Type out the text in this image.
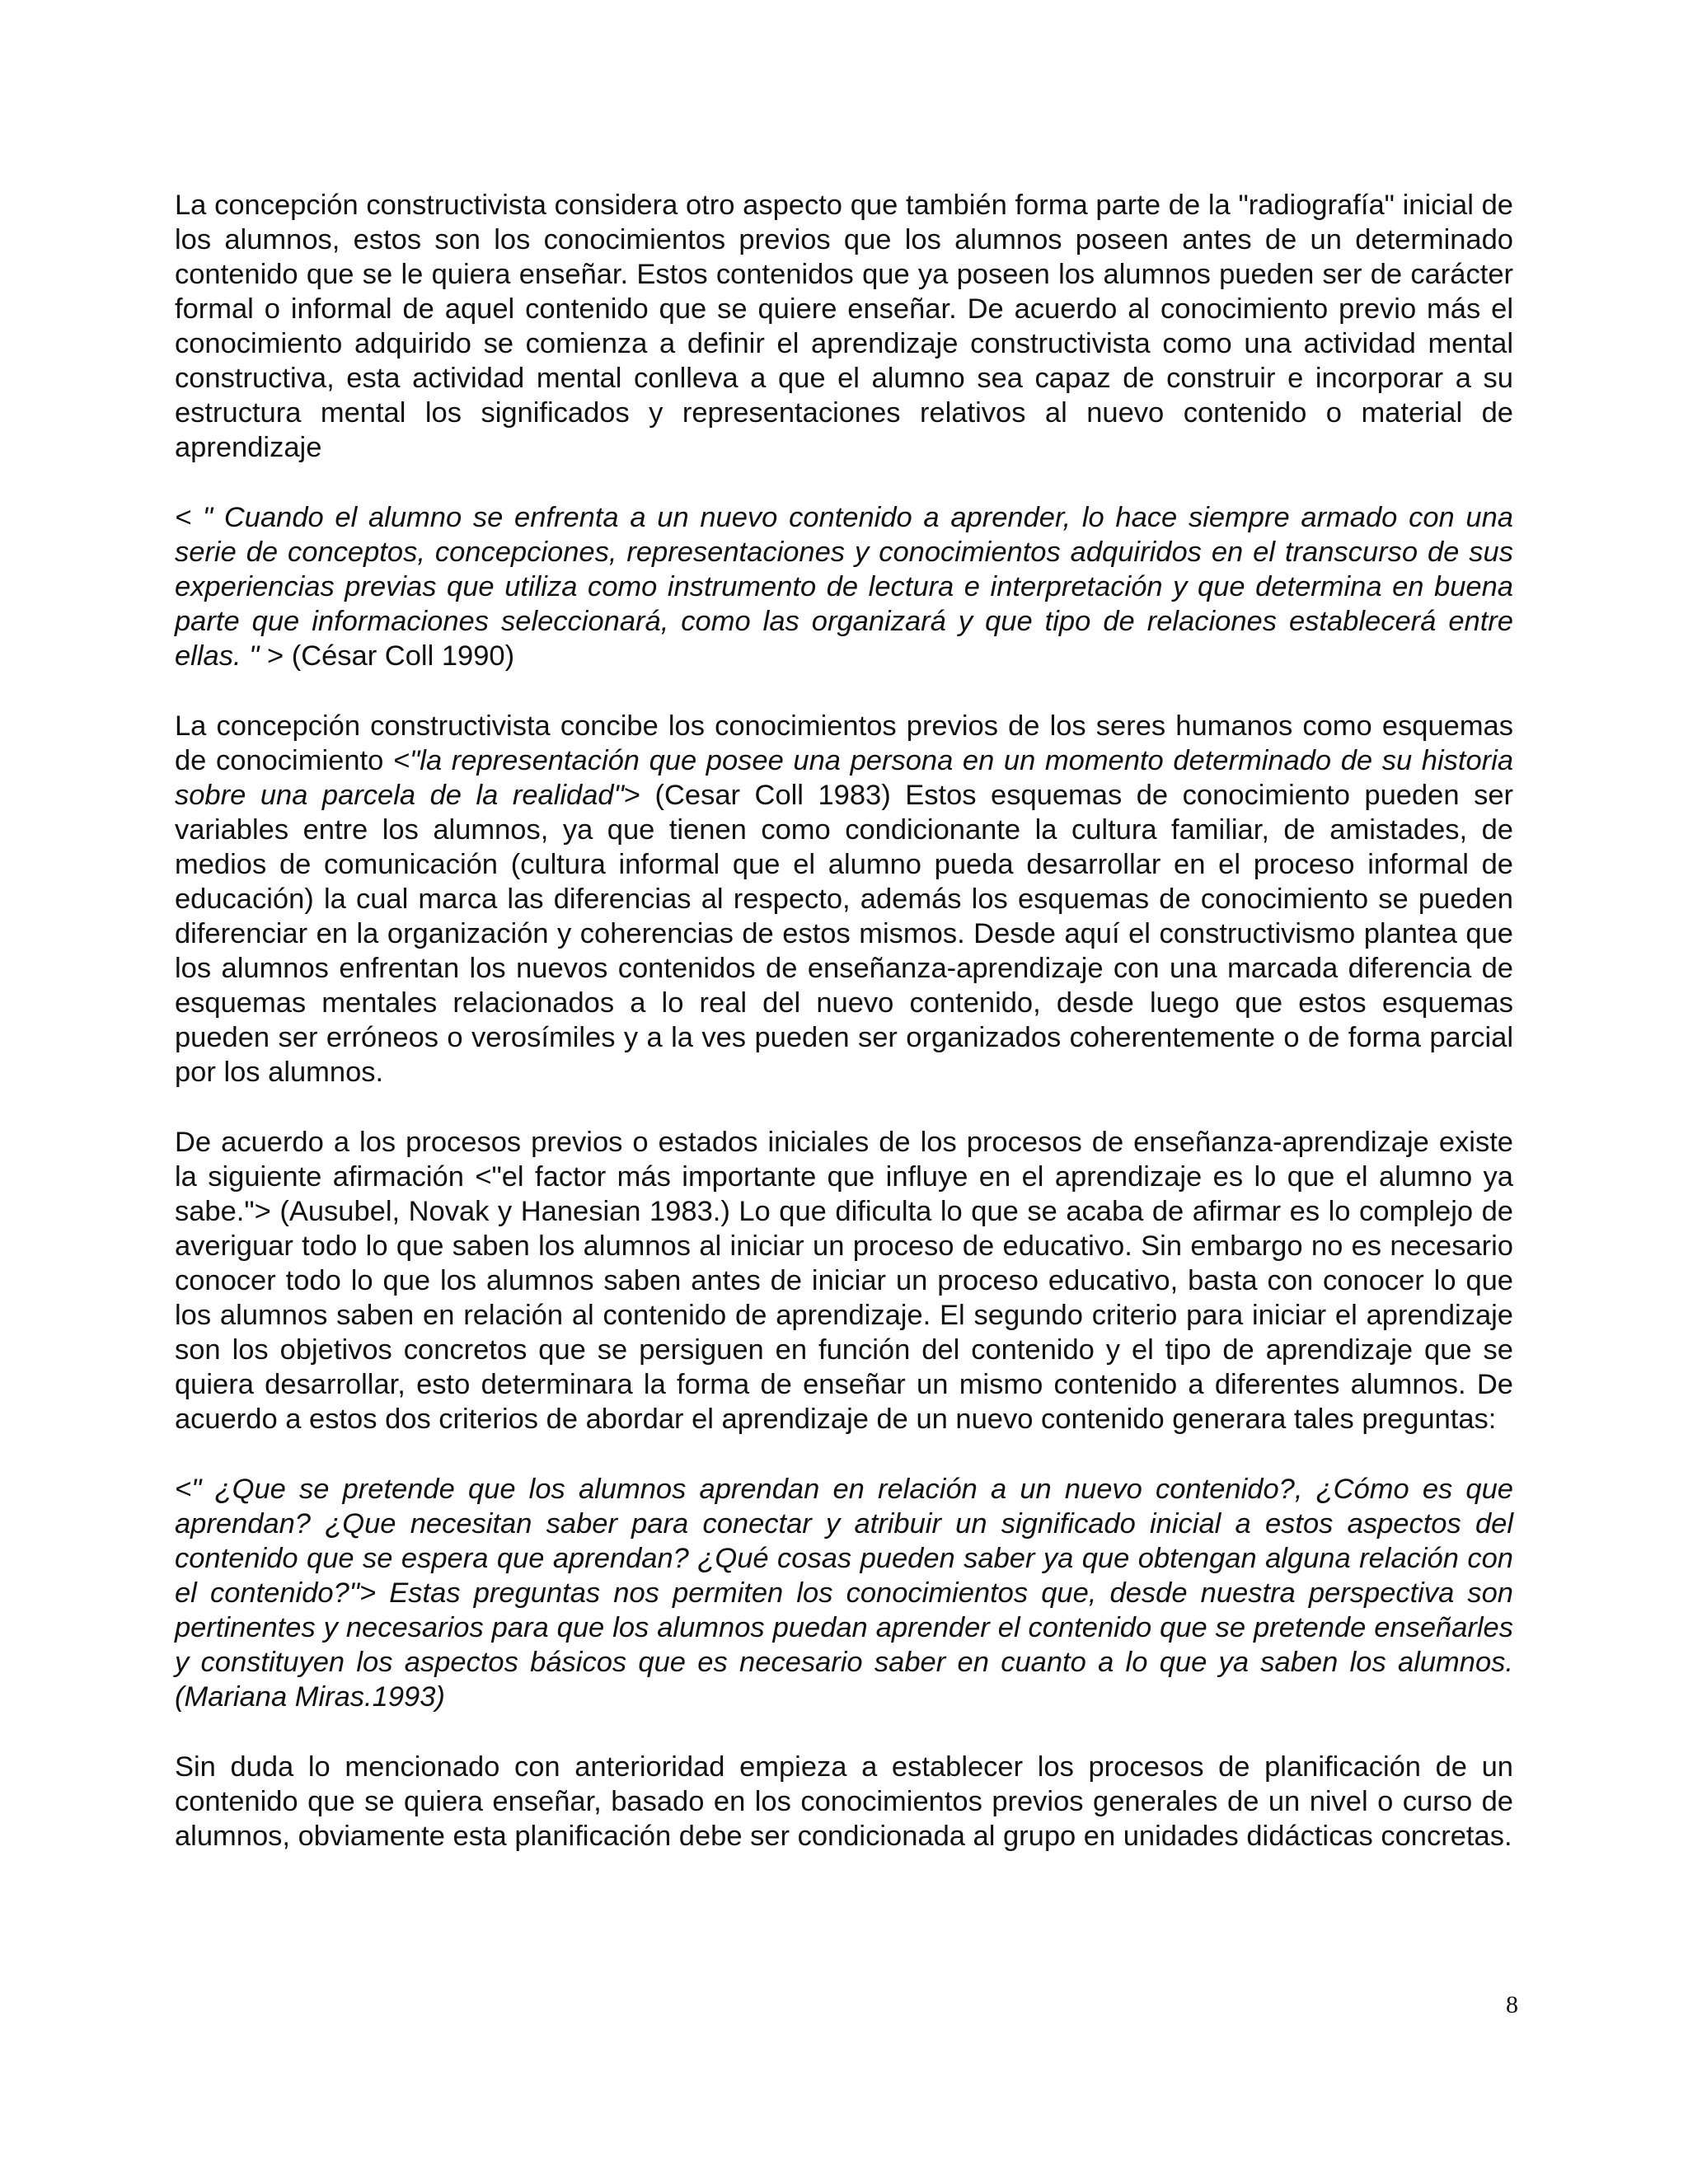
La concepción constructivista considera otro aspecto que también forma parte de la "radiografía" inicial de los alumnos, estos son los conocimientos previos que los alumnos poseen antes de un determinado contenido que se le quiera enseñar. Estos contenidos que ya poseen los alumnos pueden ser de carácter formal o informal de aquel contenido que se quiere enseñar. De acuerdo al conocimiento previo más el conocimiento adquirido se comienza a definir el aprendizaje constructivista como una actividad mental constructiva, esta actividad mental conlleva a que el alumno sea capaz de construir e incorporar a su estructura mental los significados y representaciones relativos al nuevo contenido o material de aprendizaje

< " Cuando el alumno se enfrenta a un nuevo contenido a aprender, lo hace siempre armado con una serie de conceptos, concepciones, representaciones y conocimientos adquiridos en el transcurso de sus experiencias previas que utiliza como instrumento de lectura e interpretación y que determina en buena parte que informaciones seleccionará, como las organizará y que tipo de relaciones establecerá entre ellas. " > (César Coll 1990)

La concepción constructivista concibe los conocimientos previos de los seres humanos como esquemas de conocimiento <"la representación que posee una persona en un momento determinado de su historia sobre una parcela de la realidad"> (Cesar Coll 1983) Estos esquemas de conocimiento pueden ser variables entre los alumnos, ya que tienen como condicionante la cultura familiar, de amistades, de medios de comunicación (cultura informal que el alumno pueda desarrollar en el proceso informal de educación) la cual marca las diferencias al respecto, además los esquemas de conocimiento se pueden diferenciar en la organización y coherencias de estos mismos. Desde aquí el constructivismo plantea que los alumnos enfrentan los nuevos contenidos de enseñanza-aprendizaje con una marcada diferencia de esquemas mentales relacionados a lo real del nuevo contenido, desde luego que estos esquemas pueden ser erróneos o verosímiles y a la ves pueden ser organizados coherentemente o de forma parcial por los alumnos.

De acuerdo a los procesos previos o estados iniciales de los procesos de enseñanza-aprendizaje existe la siguiente afirmación <"el factor más importante que influye en el aprendizaje es lo que el alumno ya sabe."> (Ausubel, Novak y Hanesian 1983.) Lo que dificulta lo que se acaba de afirmar es lo complejo de averiguar todo lo que saben los alumnos al iniciar un proceso de educativo. Sin embargo no es necesario conocer todo lo que los alumnos saben antes de iniciar un proceso educativo, basta con conocer lo que los alumnos saben en relación al contenido de aprendizaje. El segundo criterio para iniciar el aprendizaje son los objetivos concretos que se persiguen en función del contenido y el tipo de aprendizaje que se quiera desarrollar, esto determinara la forma de enseñar un mismo contenido a diferentes alumnos. De acuerdo a estos dos criterios de abordar el aprendizaje de un nuevo contenido generara tales preguntas:

<" ¿Que se pretende que los alumnos aprendan en relación a un nuevo contenido?, ¿Cómo es que aprendan? ¿Que necesitan saber para conectar y atribuir un significado inicial a estos aspectos del contenido que se espera que aprendan? ¿Qué cosas pueden saber ya que obtengan alguna relación con el contenido?"> Estas preguntas nos permiten los conocimientos que, desde nuestra perspectiva son pertinentes y necesarios para que los alumnos puedan aprender el contenido que se pretende enseñarles y constituyen los aspectos básicos que es necesario saber en cuanto a lo que ya saben los alumnos. (Mariana Miras.1993)

Sin duda lo mencionado con anterioridad empieza a establecer los procesos de planificación de un contenido que se quiera enseñar, basado en los conocimientos previos generales de un nivel o curso de alumnos, obviamente esta planificación debe ser condicionada al grupo en unidades didácticas concretas.

8
